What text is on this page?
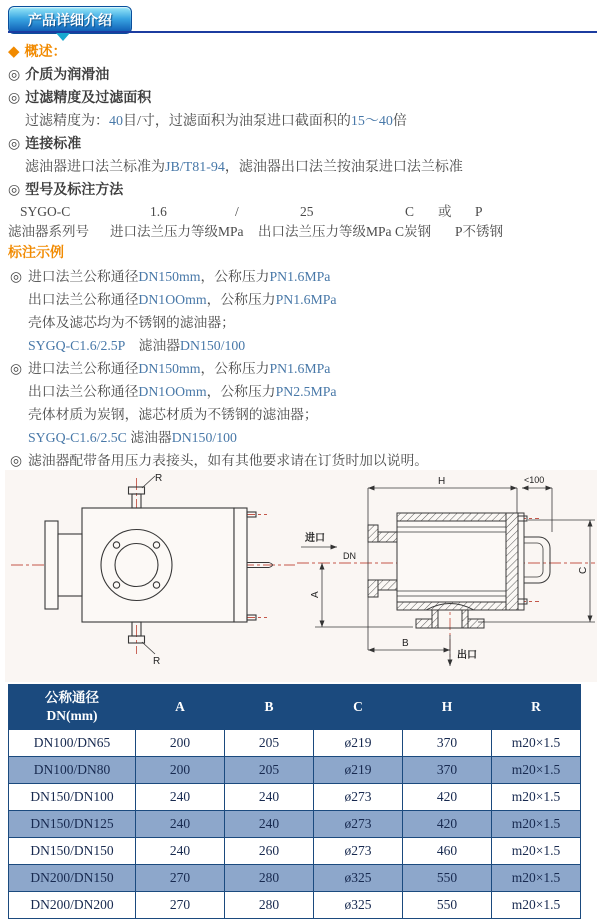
产品详细介绍
◆ 概述：
◎ 介质为润滑油
◎ 过滤精度及过滤面积
过滤精度为：40目/寸，过滤面积为油泵进口截面积的15～40倍
◎ 连接标准
滤油器进口法兰标准为JB/T81-94，滤油器出口法兰按油泵进口法兰标准
◎ 型号及标注方法
SYGO-C	1.6	/	25	C 或 P
滤油器系列号 进口法兰压力等级MPa 出口法兰压力等级MPa C炭钢 P不锈钢
标注示例
◎ 进口法兰公称通径DN150mm，公称压力PN1.6MPa
出口法兰公称通径DN1OOmm，公称压力PN1.6MPa
壳体及滤芯均为不锈钢的滤油器；
SYGQ-C1.6/2.5P　滤油器DN150/100
◎ 进口法兰公称通径DN150mm，公称压力PN1.6MPa
出口法兰公称通径DN1OOmm，公称压力PN2.5MPa
壳体材质为炭钢，滤芯材质为不锈钢的滤油器；
SYGQ-C1.6/2.5C 滤油器DN150/100
◎ 滤油器配带备用压力表接头，如有其他要求请在订货时加以说明。
R
R
H	<100
进口
DN
A
B
C
出口
公称通径
DN(mm)	A	B	C	H	R
DN100/DN65	200	205	ø219	370	m20×1.5
DN100/DN80	200	205	ø219	370	m20×1.5
DN150/DN100	240	240	ø273	420	m20×1.5
DN150/DN125	240	240	ø273	420	m20×1.5
DN150/DN150	240	260	ø273	460	m20×1.5
DN200/DN150	270	280	ø325	550	m20×1.5
DN200/DN200	270	280	ø325	550	m20×1.5
